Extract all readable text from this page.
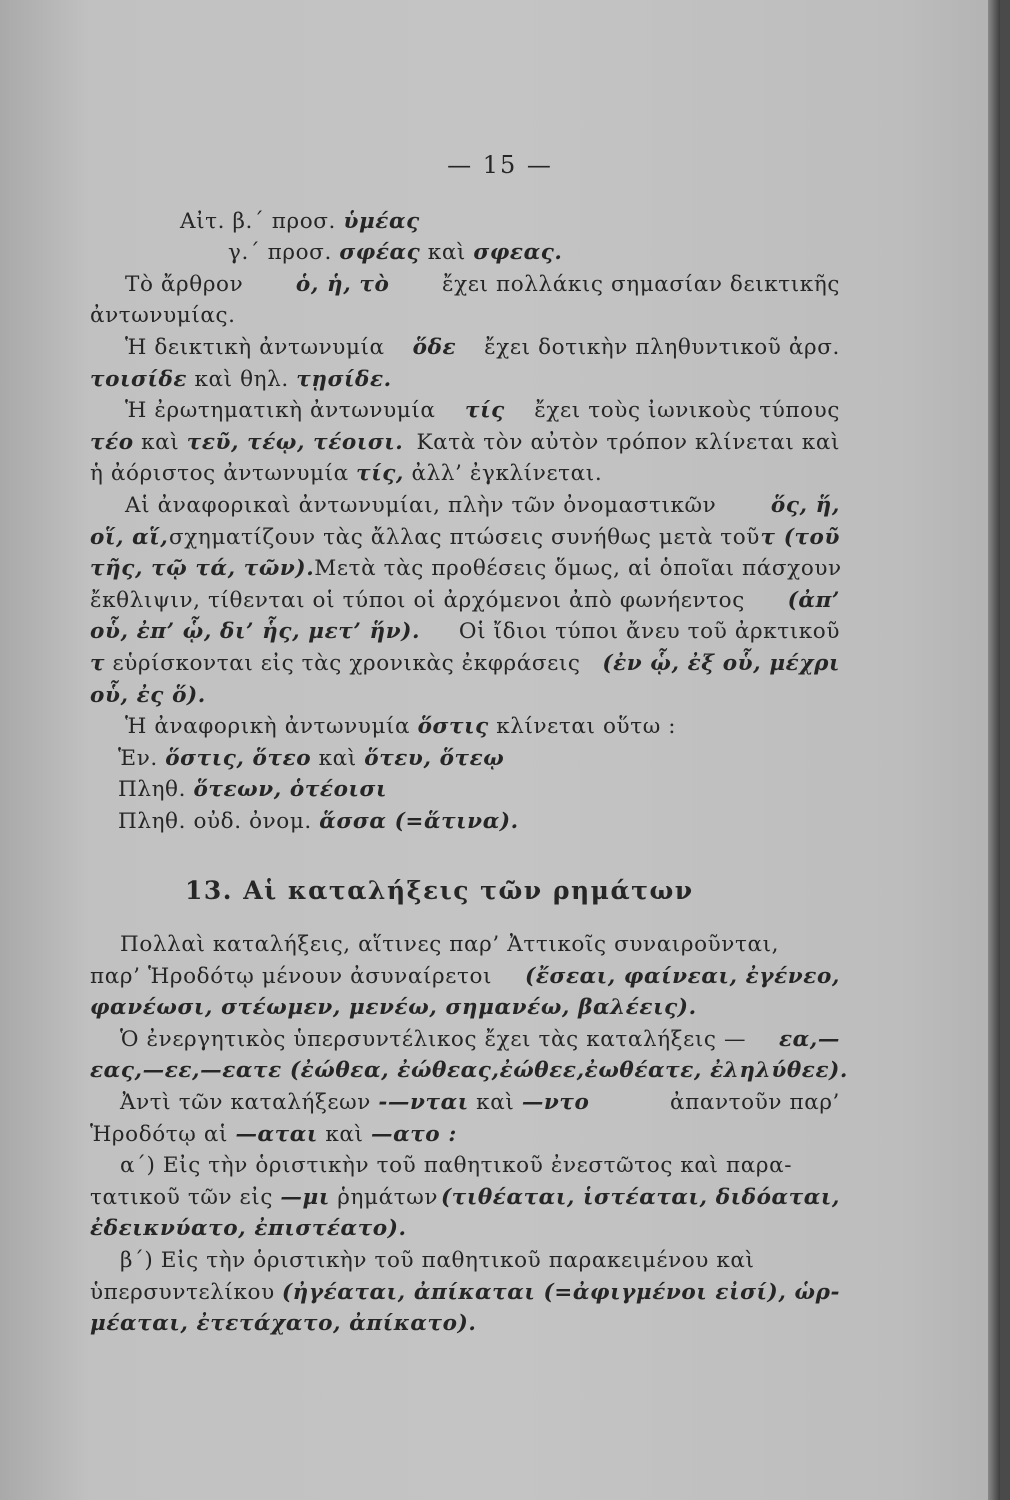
— 15 —
Αἰτ. β.΄ προσ. ὑμέας
γ.΄ προσ. σφέας καὶ σφεας.
Τὸ ἄρθρον ὁ, ἡ, τὸ ἔχει πολλάκις σημασίαν δεικτικῆς
ἀντωνυμίας.
Ἡ δεικτικὴ ἀντωνυμία ὅδε ἔχει δοτικὴν πληθυντικοῦ ἀρσ.
τοισίδε καὶ θηλ. τῃσίδε.
Ἡ ἐρωτηματικὴ ἀντωνυμία τίς ἔχει τοὺς ἰωνικοὺς τύπους
τέο καὶ τεῦ, τέῳ, τέοισι. Κατὰ τὸν αὐτὸν τρόπον κλίνεται καὶ
ἡ ἀόριστος ἀντωνυμία τίς, ἀλλ’ ἐγκλίνεται.
Αἱ ἀναφορικαὶ ἀντωνυμίαι, πλὴν τῶν ὀνομαστικῶν	ὅς, ἥ,
οἵ, αἵ, σχηματίζουν τὰς ἄλλας πτώσεις συνήθως μετὰ τοῦ τ (τοῦ
τῆς, τῷ τά, τῶν). Μετὰ τὰς προθέσεις ὅμως, αἱ ὁποῖαι πάσχουν
ἔκθλιψιν, τίθενται οἱ τύποι οἱ ἀρχόμενοι ἀπὸ φωνήεντος (ἀπ’
οὗ, ἐπ’ ᾧ, δι’ ἧς, μετ’ ἥν). Οἱ ἴδιοι τύποι ἄνευ τοῦ ἀρκτικοῦ
τ εὑρίσκονται εἰς τὰς χρονικὰς ἐκφράσεις (ἐν ᾧ, ἐξ οὗ, μέχρι
οὗ, ἐς ὅ).
Ἡ ἀναφορικὴ ἀντωνυμία ὅστις κλίνεται οὕτω :
Ἑν. ὅστις, ὅτεο καὶ ὅτευ, ὅτεῳ
Πληθ. ὅτεων, ὁτέοισι
Πληθ. οὐδ. ὀνομ. ἅσσα (=ἅτινα).
13. Αἱ καταλήξεις τῶν ρημάτων
Πολλαὶ καταλήξεις, αἵτινες παρ’ Ἀττικοῖς συναιροῦνται,
παρ’ Ἡροδότῳ μένουν ἀσυναίρετοι (ἔσεαι, φαίνεαι, ἐγένεο,
φανέωσι, στέωμεν, μενέω, σημανέω, βαλέεις).
Ὁ ἐνεργητικὸς ὑπερσυντέλικος ἔχει τὰς καταλήξεις — εα,—
εας,—εε,—εατε (ἐώθεα, ἐώθεας,ἐώθεε,ἐωθέατε, ἐληλύθεε).
Ἀντὶ τῶν καταλήξεων -—νται καὶ —ντο	ἀπαντοῦν παρ’
Ἡροδότῳ αἱ —αται καὶ —ατο :
α΄) Εἰς τὴν ὁριστικὴν τοῦ παθητικοῦ ἐνεστῶτος καὶ παρα-
τατικοῦ τῶν εἰς —μι ῥημάτων (τιθέαται, ἱστέαται, διδόαται,
ἐδεικνύατο, ἐπιστέατο).
β΄) Εἰς τὴν ὁριστικὴν τοῦ παθητικοῦ παρακειμένου καὶ
ὑπερσυντελίκου (ἠγέαται, ἀπίκαται (=ἀφιγμένοι εἰσί), ὡρ-
μέαται, ἐτετάχατο, ἀπίκατο).
